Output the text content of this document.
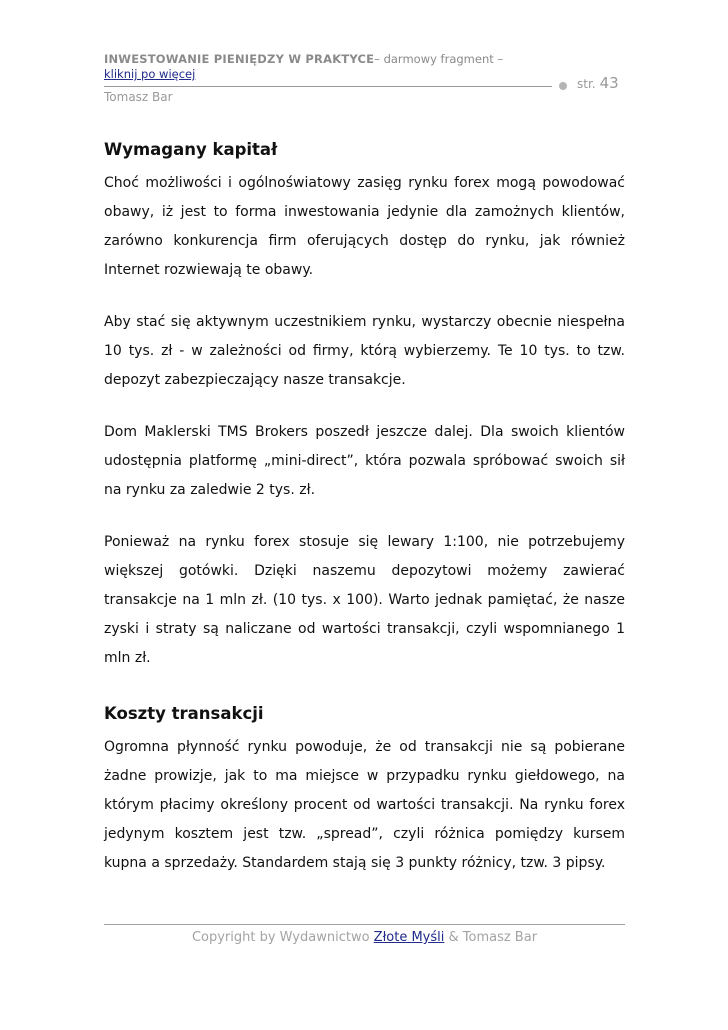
INWESTOWANIE PIENIĘDZY W PRAKTYCE– darmowy fragment – kliknij po więcej
str. 43
Tomasz Bar
Wymagany kapitał

Choć możliwości i ogólnoświatowy zasięg rynku forex mogą powodować obawy, iż jest to forma inwestowania jedynie dla zamożnych klientów, zarówno konkurencja firm oferujących dostęp do rynku, jak również Internet rozwiewają te obawy.

Aby stać się aktywnym uczestnikiem rynku, wystarczy obecnie niespełna 10 tys. zł - w zależności od firmy, którą wybierzemy. Te 10 tys. to tzw. depozyt zabezpieczający nasze transakcje.

Dom Maklerski TMS Brokers poszedł jeszcze dalej. Dla swoich klientów udostępnia platformę „mini-direct”, która pozwala spróbować swoich sił na rynku za zaledwie 2 tys. zł.

Ponieważ na rynku forex stosuje się lewary 1:100, nie potrzebujemy większej gotówki. Dzięki naszemu depozytowi możemy zawierać transakcje na 1 mln zł. (10 tys. x 100). Warto jednak pamiętać, że nasze zyski i straty są naliczane od wartości transakcji, czyli wspomnianego 1 mln zł.

Koszty transakcji

Ogromna płynność rynku powoduje, że od transakcji nie są pobierane żadne prowizje, jak to ma miejsce w przypadku rynku giełdowego, na którym płacimy określony procent od wartości transakcji. Na rynku forex jedynym kosztem jest tzw. „spread”, czyli różnica pomiędzy kursem kupna a sprzedaży. Standardem stają się 3 punkty różnicy, tzw. 3 pipsy.

Copyright by Wydawnictwo Złote Myśli & Tomasz Bar
